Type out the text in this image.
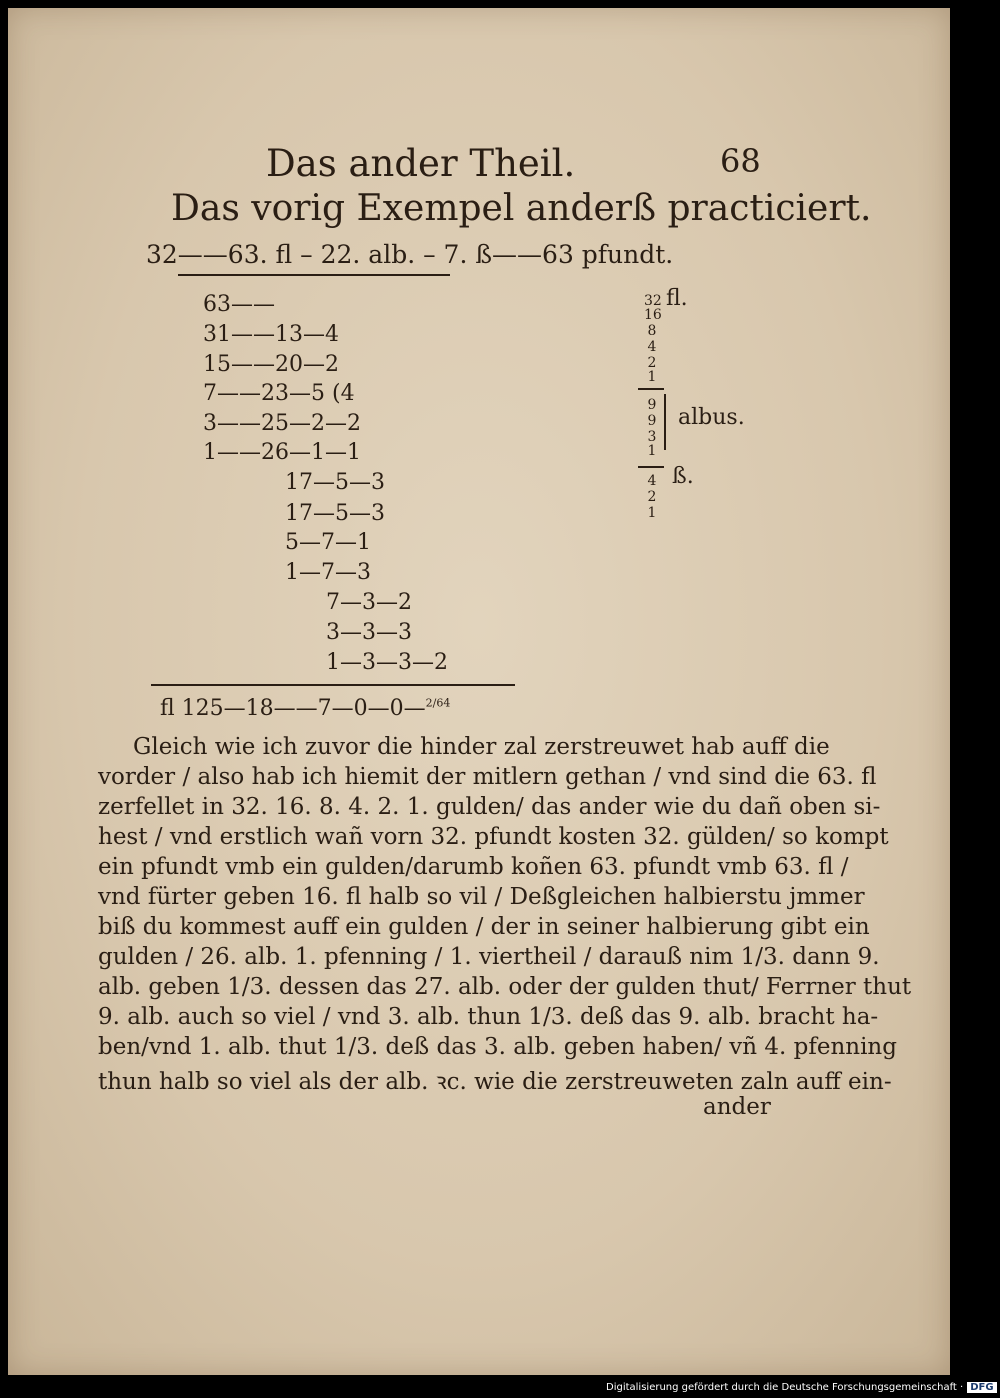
Das ander Theil.	68
Das vorig Exempel anderß practiciert.
32——63. fl – 22. alb. – 7. ß——63 pfundt.
63——
31——13—4
15——20—2
7——23—5 (4
3——25—2—2
1——26—1—1
17—5—3
17—5—3
5—7—1
1—7—3
7—3—2
3—3—3
1—3—3—2
32
16
8
4
2
1
fl.
9
9
3
1
albus.
4
2
1
ß.
fl 125—18——7—0—0—$^{2/64}$
Gleich wie ich zuvor die hinder zal zerstreuwet hab auff die
vorder / also hab ich hiemit der mitlern gethan / vnd sind die 63. fl
zerfellet in 32. 16. 8. 4. 2. 1. gulden/ das ander wie du dañ oben si-
hest / vnd erstlich wañ vorn 32. pfundt kosten 32. gülden/ so kompt
ein pfundt vmb ein gulden/darumb koñen 63. pfundt vmb 63. fl /
vnd fürter geben 16. fl halb so vil / Deßgleichen halbierstu jmmer
biß du kommest auff ein gulden / der in seiner halbierung gibt ein
gulden / 26. alb. 1. pfenning / 1. viertheil / darauß nim 1/3. dann 9.
alb. geben 1/3. dessen das 27. alb. oder der gulden thut/ Ferrner thut
9. alb. auch so viel / vnd 3. alb. thun 1/3. deß das 9. alb. bracht ha-
ben/vnd 1. alb. thut 1/3. deß das 3. alb. geben haben/ vñ 4. pfenning
thun halb so viel als der alb. ꝛc. wie die zerstreuweten zaln auff ein-
ander
Digitalisierung gefördert durch die Deutsche Forschungsgemeinschaft · DFG
